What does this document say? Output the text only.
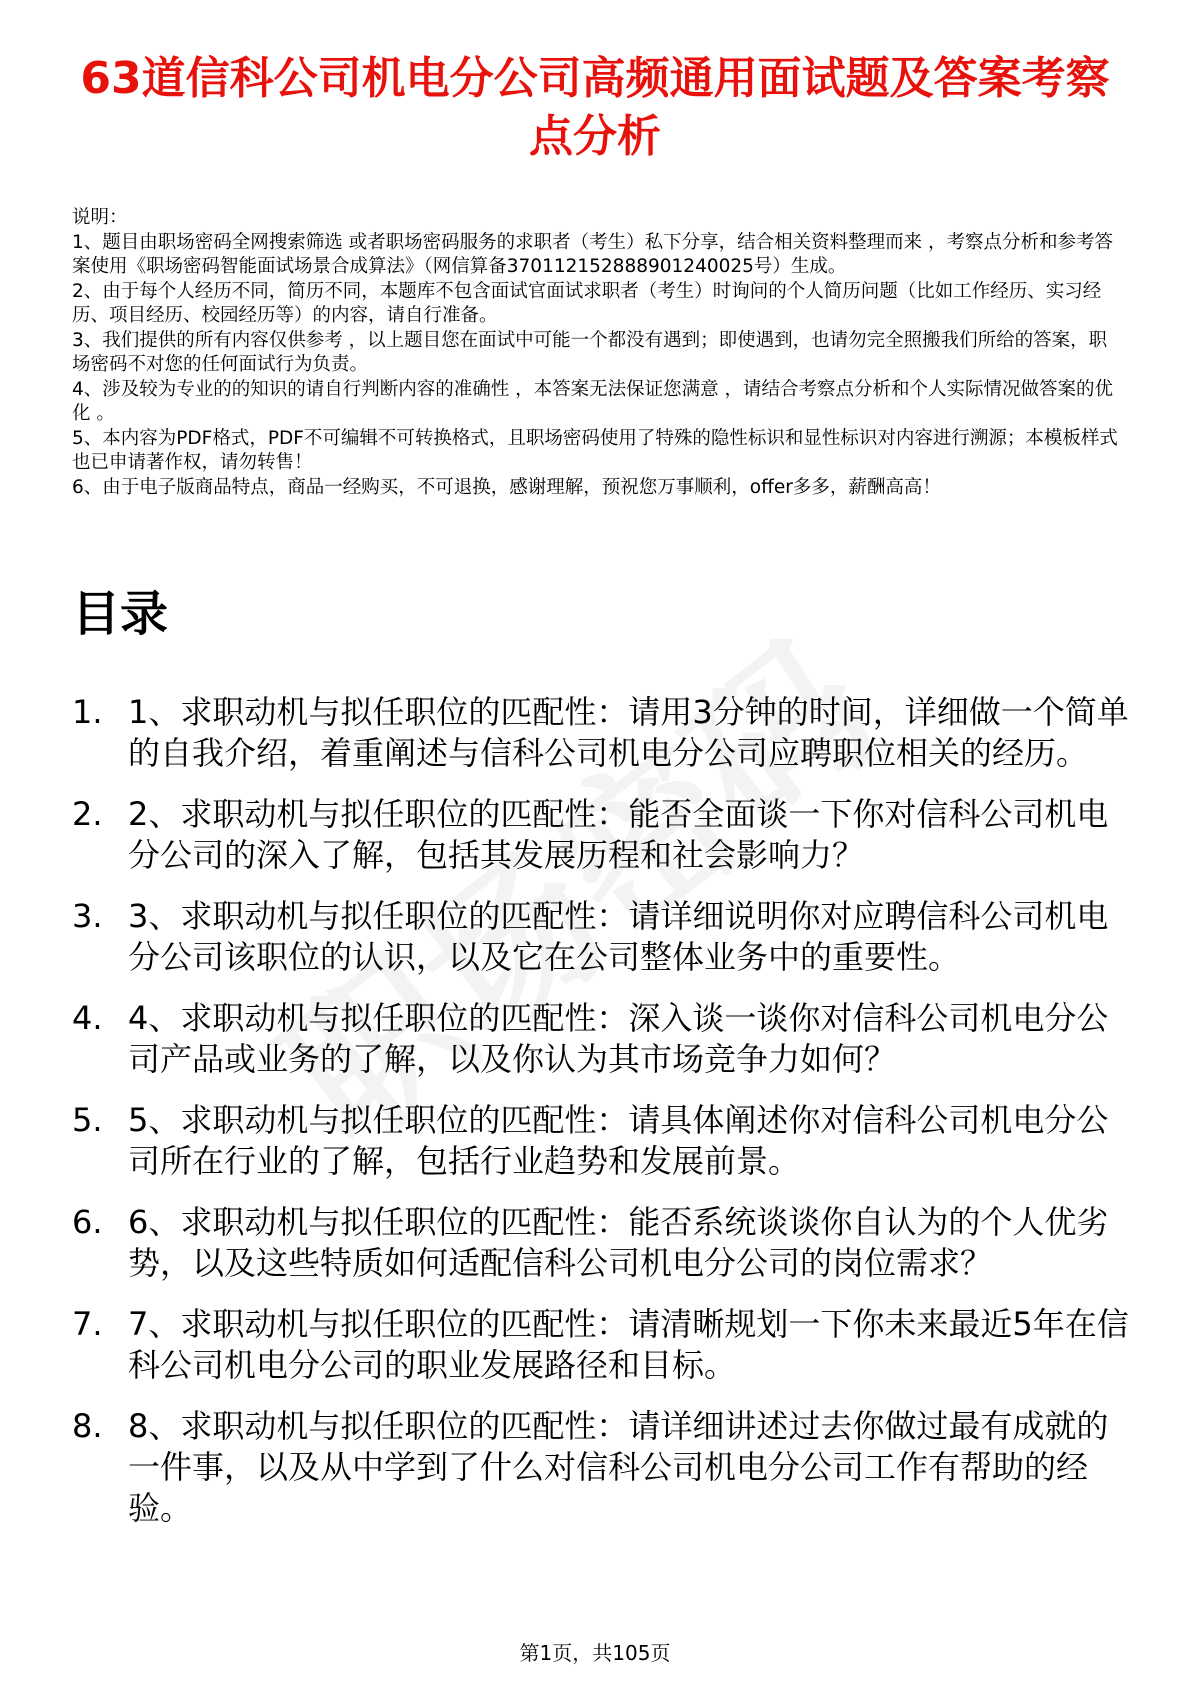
63道信科公司机电分公司高频通用面试题及答案考察点分析

说明：

1、题目由职场密码全网搜索筛选 或者职场密码服务的求职者（考生）私下分享，结合相关资料整理而来 ，考察点分析和参考答案使用《职场密码智能面试场景合成算法》（网信算备370112152888901240025号）生成。

2、由于每个人经历不同，简历不同，本题库不包含面试官面试求职者（考生）时询问的个人简历问题（比如工作经历、实习经历、项目经历、校园经历等）的内容，请自行准备。

3、我们提供的所有内容仅供参考 ，以上题目您在面试中可能一个都没有遇到；即使遇到，也请勿完全照搬我们所给的答案，职场密码不对您的任何面试行为负责。

4、涉及较为专业的的知识的请自行判断内容的准确性 ，本答案无法保证您满意 ，请结合考察点分析和个人实际情况做答案的优化 。

5、本内容为PDF格式，PDF不可编辑不可转换格式，且职场密码使用了特殊的隐性标识和显性标识对内容进行溯源；本模板样式也已申请著作权，请勿转售！

6、由于电子版商品特点，商品一经购买，不可退换，感谢理解，预祝您万事顺利，offer多多，薪酬高高！

目录
1. 1、求职动机与拟任职位的匹配性：请用3分钟的时间，详细做一个简单的自我介绍，着重阐述与信科公司机电分公司应聘职位相关的经历。
2. 2、求职动机与拟任职位的匹配性：能否全面谈一下你对信科公司机电分公司的深入了解，包括其发展历程和社会影响力？
3. 3、求职动机与拟任职位的匹配性：请详细说明你对应聘信科公司机电分公司该职位的认识，以及它在公司整体业务中的重要性。
4. 4、求职动机与拟任职位的匹配性：深入谈一谈你对信科公司机电分公司产品或业务的了解，以及你认为其市场竞争力如何？
5. 5、求职动机与拟任职位的匹配性：请具体阐述你对信科公司机电分公司所在行业的了解，包括行业趋势和发展前景。
6. 6、求职动机与拟任职位的匹配性：能否系统谈谈你自认为的个人优劣势，以及这些特质如何适配信科公司机电分公司的岗位需求？
7. 7、求职动机与拟任职位的匹配性：请清晰规划一下你未来最近5年在信科公司机电分公司的职业发展路径和目标。
8. 8、求职动机与拟任职位的匹配性：请详细讲述过去你做过最有成就的一件事，以及从中学到了什么对信科公司机电分公司工作有帮助的经验。
第1页，共105页
